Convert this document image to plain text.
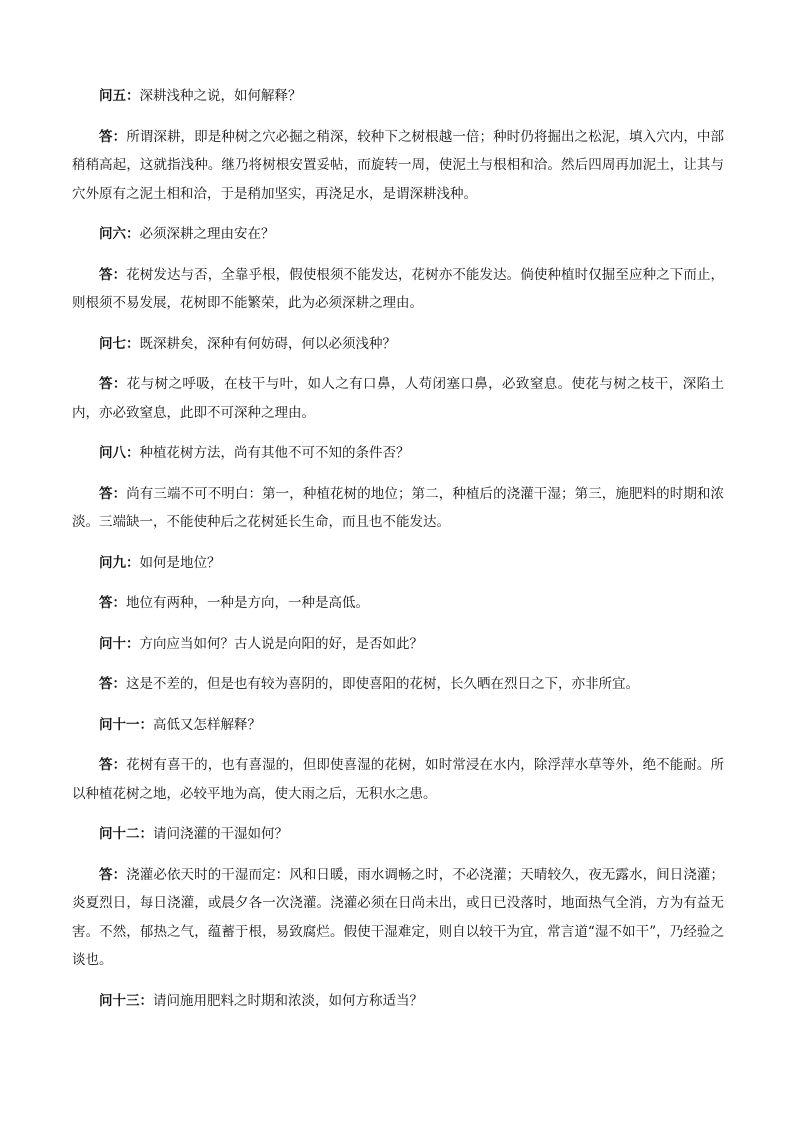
问五：深耕浅种之说，如何解释？

答：所谓深耕，即是种树之穴必掘之稍深，较种下之树根越一倍；种时仍将掘出之松泥，填入穴内，中部稍稍高起，这就指浅种。继乃将树根安置妥帖，而旋转一周，使泥土与根相和洽。然后四周再加泥土，让其与穴外原有之泥土相和洽，于是稍加坚实，再浇足水，是谓深耕浅种。

问六：必须深耕之理由安在？

答：花树发达与否，全靠乎根，假使根须不能发达，花树亦不能发达。倘使种植时仅掘至应种之下而止，则根须不易发展，花树即不能繁荣，此为必须深耕之理由。

问七：既深耕矣，深种有何妨碍，何以必须浅种？

答：花与树之呼吸，在枝干与叶，如人之有口鼻，人苟闭塞口鼻，必致窒息。使花与树之枝干，深陷土内，亦必致窒息，此即不可深种之理由。

问八：种植花树方法，尚有其他不可不知的条件否？

答：尚有三端不可不明白：第一，种植花树的地位；第二，种植后的浇灌干湿；第三，施肥料的时期和浓淡。三端缺一，不能使种后之花树延长生命，而且也不能发达。

问九：如何是地位？

答：地位有两种，一种是方向，一种是高低。

问十：方向应当如何？古人说是向阳的好，是否如此？

答：这是不差的，但是也有较为喜阴的，即使喜阳的花树，长久晒在烈日之下，亦非所宜。

问十一：高低又怎样解释？

答：花树有喜干的，也有喜湿的，但即使喜湿的花树，如时常浸在水内，除浮萍水草等外，绝不能耐。所以种植花树之地，必较平地为高，使大雨之后，无积水之患。

问十二：请问浇灌的干湿如何？

答：浇灌必依天时的干湿而定：风和日暖，雨水调畅之时，不必浇灌；天晴较久，夜无露水，间日浇灌；炎夏烈日，每日浇灌，或晨夕各一次浇灌。浇灌必须在日尚未出，或日已没落时，地面热气全消，方为有益无害。不然，郁热之气，蕴蓄于根，易致腐烂。假使干湿难定，则自以较干为宜，常言道“湿不如干”，乃经验之谈也。

问十三：请问施用肥料之时期和浓淡，如何方称适当？
